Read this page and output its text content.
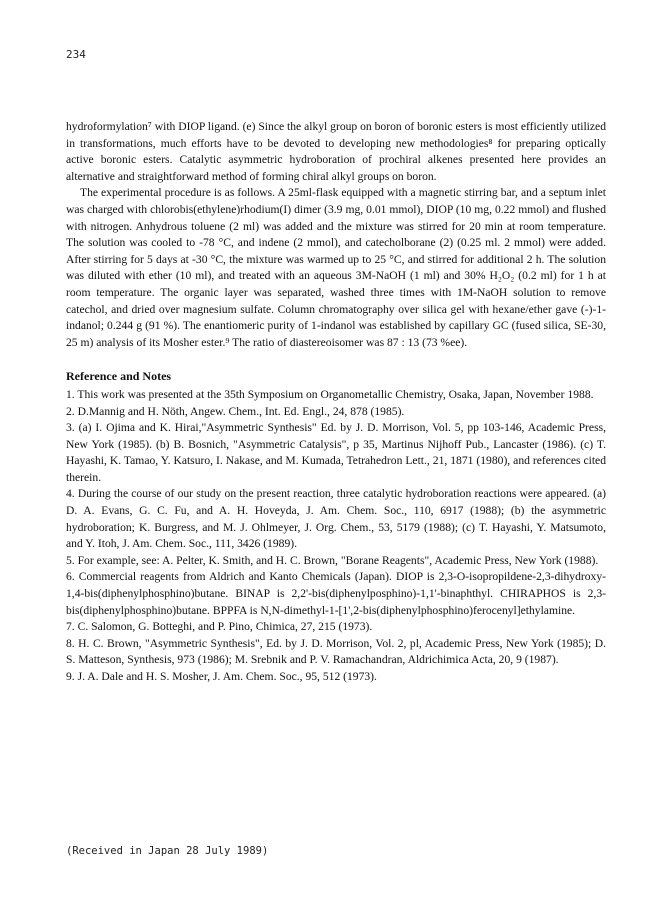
234

hydroformylation⁷ with DIOP ligand. (e) Since the alkyl group on boron of boronic esters is most efficiently utilized in transformations, much efforts have to be devoted to developing new methodologies⁸ for preparing optically active boronic esters. Catalytic asymmetric hydroboration of prochiral alkenes presented here provides an alternative and straightforward method of forming chiral alkyl groups on boron.

The experimental procedure is as follows. A 25ml-flask equipped with a magnetic stirring bar, and a septum inlet was charged with chlorobis(ethylene)rhodium(I) dimer (3.9 mg, 0.01 mmol), DIOP (10 mg, 0.22 mmol) and flushed with nitrogen. Anhydrous toluene (2 ml) was added and the mixture was stirred for 20 min at room temperature. The solution was cooled to -78 °C, and indene (2 mmol), and catecholborane (2) (0.25 ml. 2 mmol) were added. After stirring for 5 days at -30 °C, the mixture was warmed up to 25 °C, and stirred for additional 2 h. The solution was diluted with ether (10 ml), and treated with an aqueous 3M-NaOH (1 ml) and 30% H₂O₂ (0.2 ml) for 1 h at room temperature. The organic layer was separated, washed three times with 1M-NaOH solution to remove catechol, and dried over magnesium sulfate. Column chromatography over silica gel with hexane/ether gave (-)-1-indanol; 0.244 g (91 %). The enantiomeric purity of 1-indanol was established by capillary GC (fused silica, SE-30, 25 m) analysis of its Mosher ester.⁹ The ratio of diastereoisomer was 87 : 13 (73 %ee).

Reference and Notes

1. This work was presented at the 35th Symposium on Organometallic Chemistry, Osaka, Japan, November 1988.

2. D.Mannig and H. Nöth, Angew. Chem., Int. Ed. Engl., 24, 878 (1985).

3. (a) I. Ojima and K. Hirai,"Asymmetric Synthesis" Ed. by J. D. Morrison, Vol. 5, pp 103-146, Academic Press, New York (1985). (b) B. Bosnich, "Asymmetric Catalysis", p 35, Martinus Nijhoff Pub., Lancaster (1986). (c) T. Hayashi, K. Tamao, Y. Katsuro, I. Nakase, and M. Kumada, Tetrahedron Lett., 21, 1871 (1980), and references cited therein.

4. During the course of our study on the present reaction, three catalytic hydroboration reactions were appeared. (a) D. A. Evans, G. C. Fu, and A. H. Hoveyda, J. Am. Chem. Soc., 110, 6917 (1988); (b) the asymmetric hydroboration; K. Burgress, and M. J. Ohlmeyer, J. Org. Chem., 53, 5179 (1988); (c) T. Hayashi, Y. Matsumoto, and Y. Itoh, J. Am. Chem. Soc., 111, 3426 (1989).

5. For example, see: A. Pelter, K. Smith, and H. C. Brown, "Borane Reagents", Academic Press, New York (1988).

6. Commercial reagents from Aldrich and Kanto Chemicals (Japan). DIOP is 2,3-O-isopropildene-2,3-dihydroxy-1,4-bis(diphenylphosphino)butane. BINAP is 2,2'-bis(diphenylposphino)-1,1'-binaphthyl. CHIRAPHOS is 2,3-bis(diphenylphosphino)butane. BPPFA is N,N-dimethyl-1-[1',2-bis(diphenylphosphino)ferocenyl]ethylamine.

7. C. Salomon, G. Botteghi, and P. Pino, Chimica, 27, 215 (1973).

8. H. C. Brown, "Asymmetric Synthesis", Ed. by J. D. Morrison, Vol. 2, pl, Academic Press, New York (1985); D. S. Matteson, Synthesis, 973 (1986); M. Srebnik and P. V. Ramachandran, Aldrichimica Acta, 20, 9 (1987).

9. J. A. Dale and H. S. Mosher, J. Am. Chem. Soc., 95, 512 (1973).

(Received in Japan 28 July 1989)
